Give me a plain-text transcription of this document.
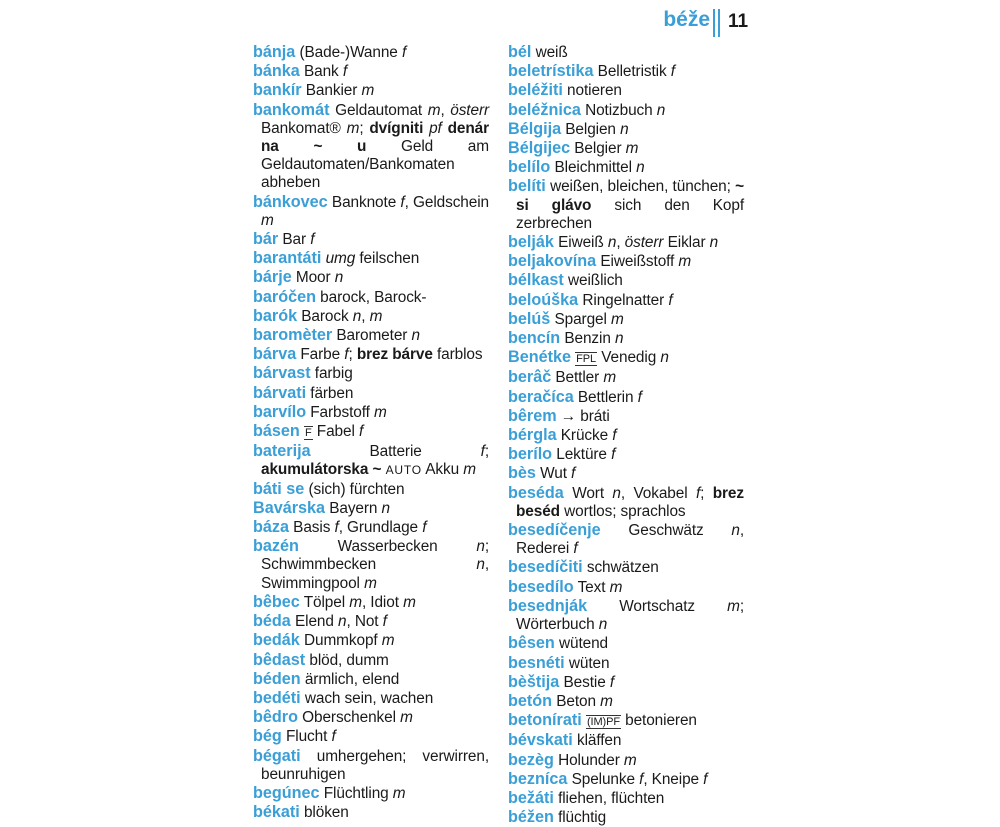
béže 11
bánja (Bade-)Wanne f
bánka Bank f
bankír Bankier m
bankomát Geldautomat m, österr Bankomat® m; dvígniti pf denár na ~ u Geld am Geldautomaten/Bankomaten abheben
bánkovec Banknote f, Geldschein m
bár Bar f
barantáti umg feilschen
bárje Moor n
baróčen barock, Barock-
barók Barock n, m
baromèter Barometer n
bárva Farbe f; brez bárve farblos
bárvast farbig
bárvati färben
barvílo Farbstoff m
básen F Fabel f
baterija Batterie f; akumulátorska ~ AUTO Akku m
báti se (sich) fürchten
Bavárska Bayern n
báza Basis f, Grundlage f
bazén Wasserbecken n; Schwimmbecken n, Swimmingpool m
bêbec Tölpel m, Idiot m
béda Elend n, Not f
bedák Dummkopf m
bêdast blöd, dumm
béden ärmlich, elend
bedéti wach sein, wachen
bêdro Oberschenkel m
bég Flucht f
bégati umhergehen; verwirren, beunruhigen
begúnec Flüchtling m
békati blöken
bél weiß
beletrístika Belletristik f
beléžiti notieren
beléžnica Notizbuch n
Bélgija Belgien n
Bélgijec Belgier m
belílo Bleichmittel n
belíti weißen, bleichen, tünchen; ~ si glávo sich den Kopf zerbrechen
belják Eiweiß n, österr Eiklar n
beljakovína Eiweißstoff m
bélkast weißlich
beloúška Ringelnatter f
belúš Spargel m
bencín Benzin n
Benétke FPL Venedig n
berâč Bettler m
beračíca Bettlerin f
bêrem → bráti
bérgla Krücke f
berílo Lektüre f
bès Wut f
beséda Wort n, Vokabel f; brez beséd wortlos; sprachlos
besedíčenje Geschwätz n, Rederei f
besedíčiti schwätzen
besedílo Text m
besednják Wortschatz m; Wörterbuch n
bêsen wütend
besnéti wüten
bèštija Bestie f
betón Beton m
betonírati (IM)PF betonieren
bévskati kläffen
bezèg Holunder m
bezníca Spelunke f, Kneipe f
bežáti fliehen, flüchten
béžen flüchtig
